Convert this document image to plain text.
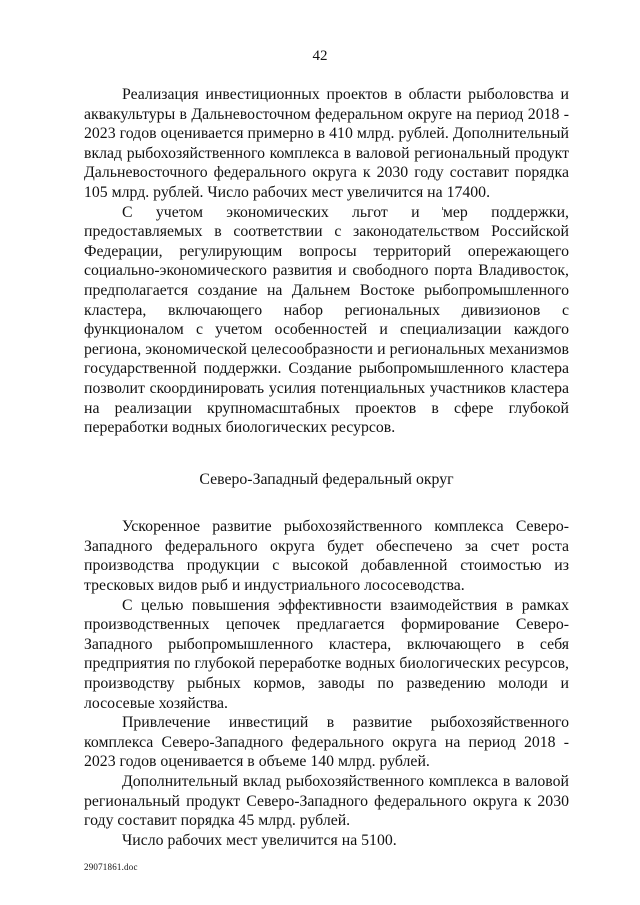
42

Реализация инвестиционных проектов в области рыболовства и аквакультуры в Дальневосточном федеральном округе на период 2018 - 2023 годов оценивается примерно в 410 млрд. рублей. Дополнительный вклад рыбохозяйственного комплекса в валовой региональный продукт Дальневосточного федерального округа к 2030 году составит порядка 105 млрд. рублей. Число рабочих мест увеличится на 17400.

С учетом экономических льгот и мер поддержки, предоставляемых в соответствии с законодательством Российской Федерации, регулирующим вопросы территорий опережающего социально-экономического развития и свободного порта Владивосток, предполагается создание на Дальнем Востоке рыбопромышленного кластера, включающего набор региональных дивизионов с функционалом с учетом особенностей и специализации каждого региона, экономической целесообразности и региональных механизмов государственной поддержки. Создание рыбопромышленного кластера позволит скоординировать усилия потенциальных участников кластера на реализации крупномасштабных проектов в сфере глубокой переработки водных биологических ресурсов.

Северо-Западный федеральный округ

Ускоренное развитие рыбохозяйственного комплекса Северо-Западного федерального округа будет обеспечено за счет роста производства продукции с высокой добавленной стоимостью из тресковых видов рыб и индустриального лососеводства.

С целью повышения эффективности взаимодействия в рамках производственных цепочек предлагается формирование Северо-Западного рыбопромышленного кластера, включающего в себя предприятия по глубокой переработке водных биологических ресурсов, производству рыбных кормов, заводы по разведению молоди и лососевые хозяйства.

Привлечение инвестиций в развитие рыбохозяйственного комплекса Северо-Западного федерального округа на период 2018 - 2023 годов оценивается в объеме 140 млрд. рублей.

Дополнительный вклад рыбохозяйственного комплекса в валовой региональный продукт Северо-Западного федерального округа к 2030 году составит порядка 45 млрд. рублей.

Число рабочих мест увеличится на 5100.

29071861.doc
